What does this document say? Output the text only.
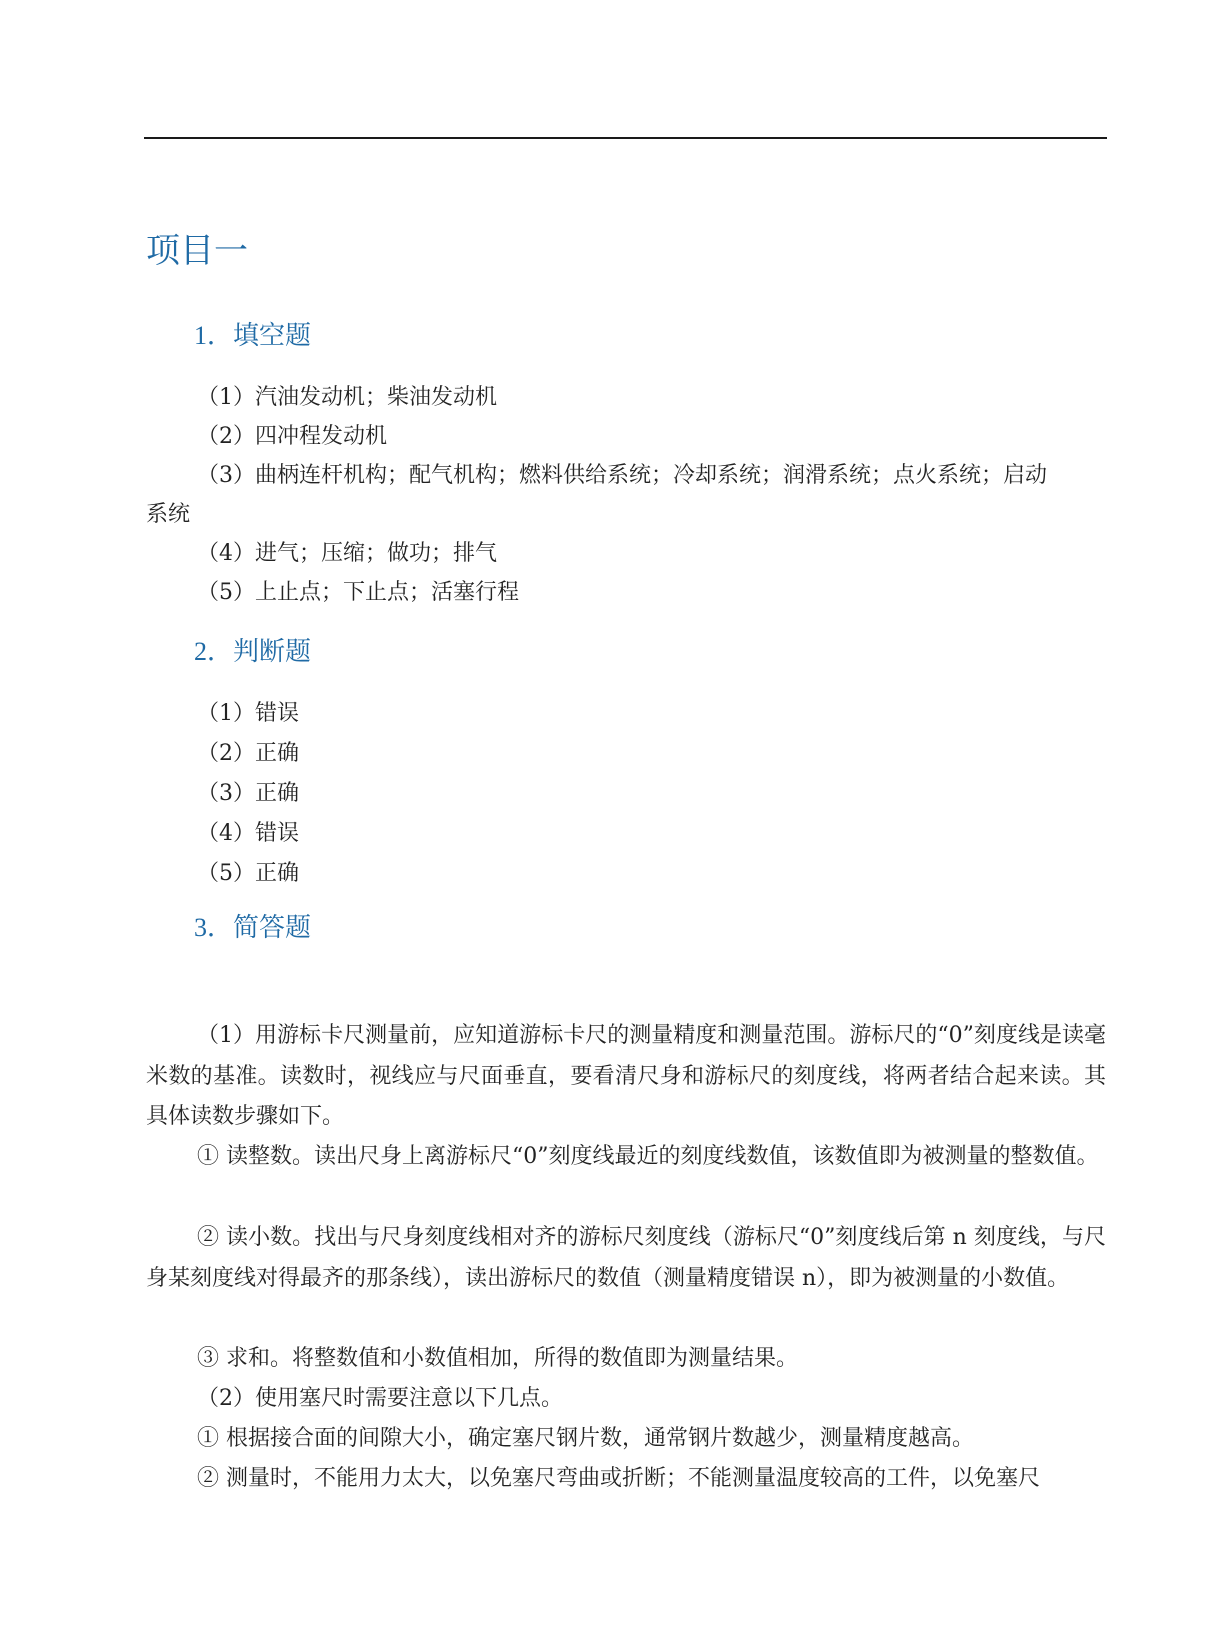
项目一
1．填空题

（1）汽油发动机；柴油发动机

（2）四冲程发动机

（3）曲柄连杆机构；配气机构；燃料供给系统；冷却系统；润滑系统；点火系统；启动

系统

（4）进气；压缩；做功；排气

（5）上止点；下止点；活塞行程

2．判断题

（1）错误

（2）正确

（3）正确

（4）错误

（5）正确

3．简答题

（1）用游标卡尺测量前，应知道游标卡尺的测量精度和测量范围。游标尺的“0”刻度线是读毫米数的基准。读数时，视线应与尺面垂直，要看清尺身和游标尺的刻度线，将两者结合起来读。其具体读数步骤如下。

① 读整数。读出尺身上离游标尺“0”刻度线最近的刻度线数值，该数值即为被测量的整数值。

② 读小数。找出与尺身刻度线相对齐的游标尺刻度线（游标尺“0”刻度线后第 n 刻度线，与尺身某刻度线对得最齐的那条线），读出游标尺的数值（测量精度错误 n），即为被测量的小数值。

③ 求和。将整数值和小数值相加，所得的数值即为测量结果。

（2）使用塞尺时需要注意以下几点。

① 根据接合面的间隙大小，确定塞尺钢片数，通常钢片数越少，测量精度越高。

② 测量时，不能用力太大，以免塞尺弯曲或折断；不能测量温度较高的工件，以免塞尺
